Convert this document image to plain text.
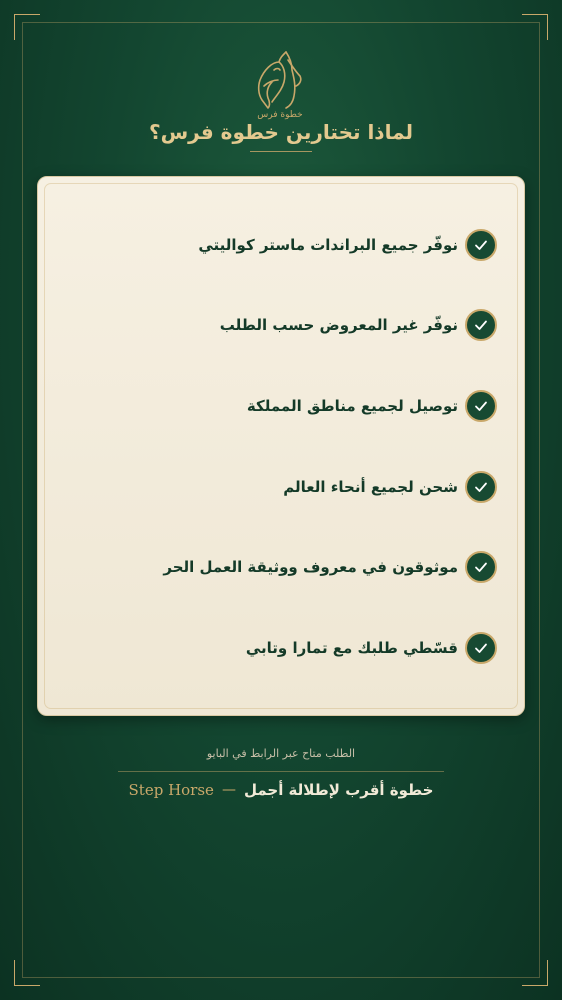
خطوة فرس
لماذا تختارين خطوة فرس؟
نوفّر جميع البراندات ماستر كواليتي
نوفّر غير المعروض حسب الطلب
توصيل لجميع مناطق المملكة
شحن لجميع أنحاء العالم
موثوقون في معروف ووثيقة العمل الحر
قسّطي طلبك مع تمارا وتابي
الطلب متاح عبر الرابط في البايو
Step Horse — خطوة أقرب لإطلالة أجمل
